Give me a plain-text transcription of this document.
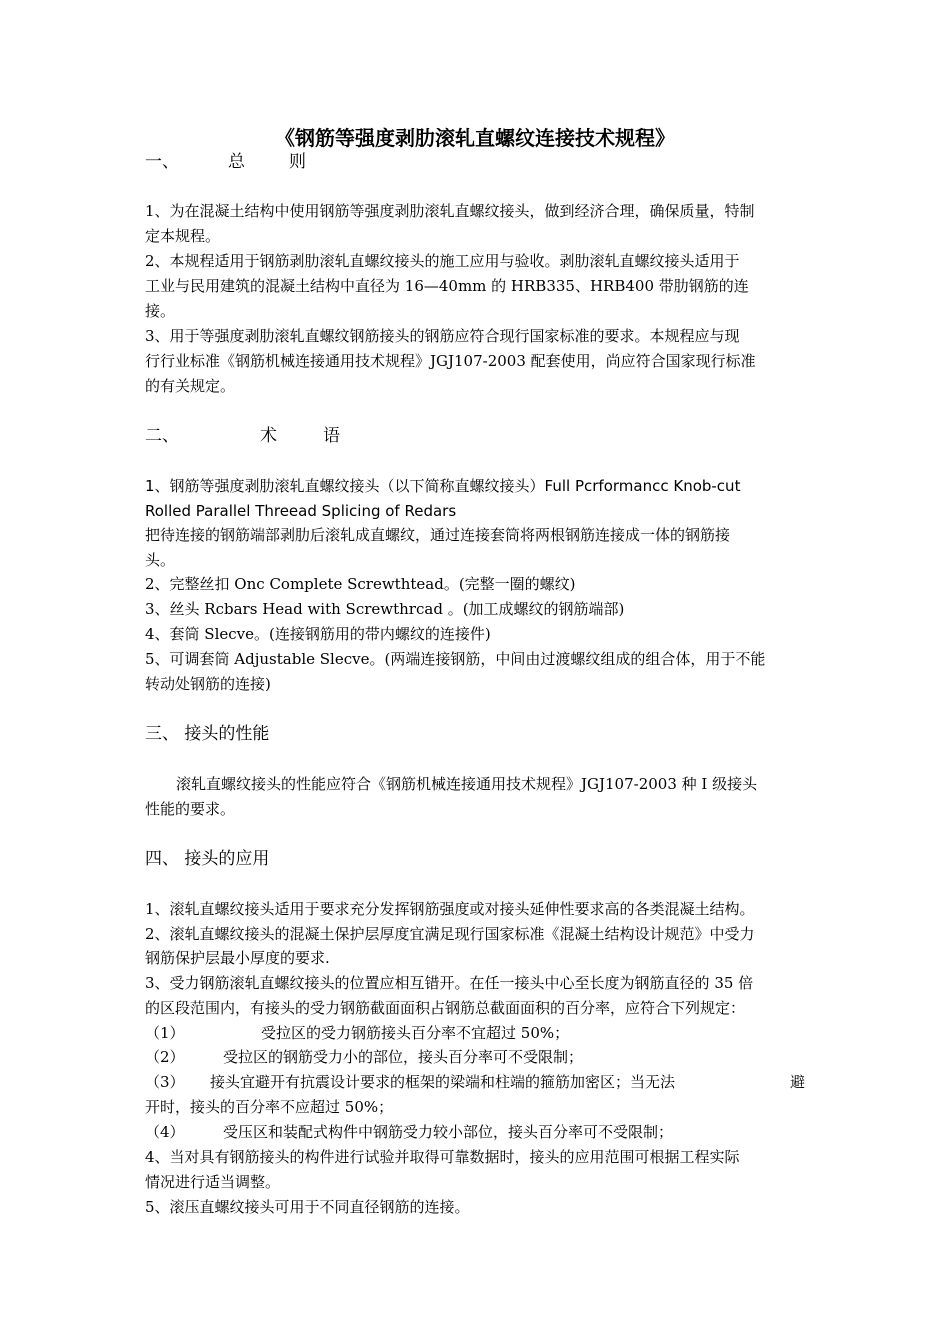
《钢筋等强度剥肋滚轧直螺纹连接技术规程》
一、	总	则
1、为在混凝土结构中使用钢筋等强度剥肋滚轧直螺纹接头，做到经济合理，确保质量，特制
定本规程。
2、本规程适用于钢筋剥肋滚轧直螺纹接头的施工应用与验收。剥肋滚轧直螺纹接头适用于
工业与民用建筑的混凝土结构中直径为 16—40mm 的 HRB335、HRB400 带肋钢筋的连
接。
3、用于等强度剥肋滚轧直螺纹钢筋接头的钢筋应符合现行国家标准的要求。本规程应与现
行行业标准《钢筋机械连接通用技术规程》JGJ107-2003 配套使用，尚应符合国家现行标准
的有关规定。
二、	术	语
1、钢筋等强度剥肋滚轧直螺纹接头（以下简称直螺纹接头）Full Pcrformancc Knob-cut
Rolled Parallel Threead Splicing of Redars
把待连接的钢筋端部剥肋后滚轧成直螺纹，通过连接套筒将两根钢筋连接成一体的钢筋接
头。
2、完整丝扣 Onc Complete Screwthtead。(完整一圈的螺纹)
3、丝头 Rcbars Head with Screwthrcad 。(加工成螺纹的钢筋端部)
4、套筒 Slecve。(连接钢筋用的带内螺纹的连接件)
5、可调套筒 Adjustable Slecve。(两端连接钢筋，中间由过渡螺纹组成的组合体，用于不能
转动处钢筋的连接)
三、 接头的性能
滚轧直螺纹接头的性能应符合《钢筋机械连接通用技术规程》JGJ107-2003 种 I 级接头
性能的要求。
四、 接头的应用
1、滚轧直螺纹接头适用于要求充分发挥钢筋强度或对接头延伸性要求高的各类混凝土结构。
2、滚轧直螺纹接头的混凝土保护层厚度宜满足现行国家标准《混凝土结构设计规范》中受力
钢筋保护层最小厚度的要求.
3、受力钢筋滚轧直螺纹接头的位置应相互错开。在任一接头中心至长度为钢筋直径的 35 倍
的区段范围内，有接头的受力钢筋截面面积占钢筋总截面面积的百分率，应符合下列规定：
（1）	受拉区的受力钢筋接头百分率不宜超过 50%；
（2）	受拉区的钢筋受力小的部位，接头百分率可不受限制；
（3） 接头宜避开有抗震设计要求的框架的梁端和柱端的箍筋加密区；当无法	避
开时，接头的百分率不应超过 50%；
（4）	受压区和装配式构件中钢筋受力较小部位，接头百分率可不受限制；
4、当对具有钢筋接头的构件进行试验并取得可靠数据时，接头的应用范围可根据工程实际
情况进行适当调整。
5、滚压直螺纹接头可用于不同直径钢筋的连接。
